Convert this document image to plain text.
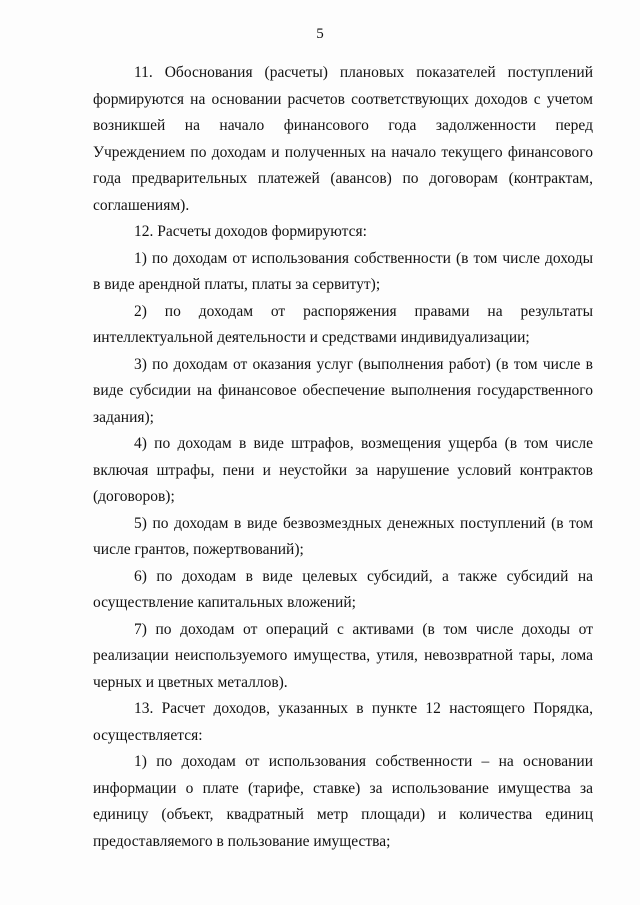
5

11. Обоснования (расчеты) плановых показателей поступлений формируются на основании расчетов соответствующих доходов с учетом возникшей на начало финансового года задолженности перед Учреждением по доходам и полученных на начало текущего финансового года предварительных платежей (авансов) по договорам (контрактам, соглашениям).

12. Расчеты доходов формируются:

1) по доходам от использования собственности (в том числе доходы в виде арендной платы, платы за сервитут);

2) по доходам от распоряжения правами на результаты интеллектуальной деятельности и средствами индивидуализации;

3) по доходам от оказания услуг (выполнения работ) (в том числе в виде субсидии на финансовое обеспечение выполнения государственного задания);

4) по доходам в виде штрафов, возмещения ущерба (в том числе включая штрафы, пени и неустойки за нарушение условий контрактов (договоров);

5) по доходам в виде безвозмездных денежных поступлений (в том числе грантов, пожертвований);

6) по доходам в виде целевых субсидий, а также субсидий на осуществление капитальных вложений;

7) по доходам от операций с активами (в том числе доходы от реализации неиспользуемого имущества, утиля, невозвратной тары, лома черных и цветных металлов).

13. Расчет доходов, указанных в пункте 12 настоящего Порядка, осуществляется:

1) по доходам от использования собственности – на основании информации о плате (тарифе, ставке) за использование имущества за единицу (объект, квадратный метр площади) и количества единиц предоставляемого в пользование имущества;
